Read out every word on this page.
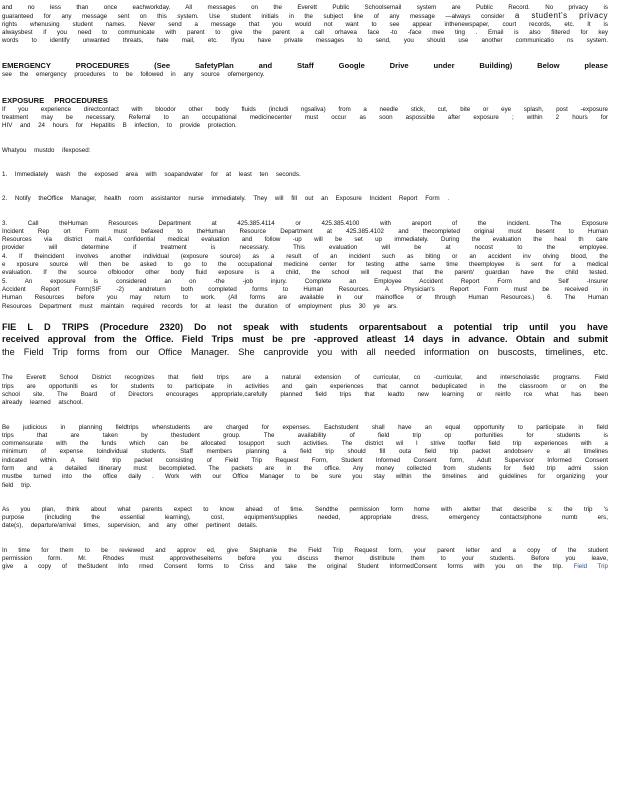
and no less than once eachworkday. All messages on the Everett Public Schoolsemail system are Public Record. No privacy is
guaranteed for any message sent on this system. Use student initials in the subject line of any message —always consider a student's privacy
rights whenusing student names. Never send a message that you would not want to see appear inthenewspaper, court records, etc. It is
alwaysbest if you need to communicate with parent to give the parent a call orhavea face -to -face mee ting . Email is also filtered for key
words to identify unwanted threats, hate mail, etc. Ifyou have private messages to send, you should use another communicatio ns system.
EMERGENCY PROCEDURES (See SafetyPlan and Staff Google Drive under Building) Below please
see the emergency procedures to be followed in any source ofemergency.
EXPOSURE PROCEDURES
If you experience directcontact with bloodor other body fluids (includi ngsaliva) from a needle stick, cut, bite or eye splash, post -exposure
treatment may be necessary. Referral to an occupational medicinecenter must occur as soon aspossible after exposure ; within 2 hours for
HIV and 24 hours for Hepatitis B infection, to provide protection.
Whatyou mustdo ifexposed:
1. Immediately wash the exposed area with soapandwater for at least ten seconds.
2. Notify theOffice Manager, health room assistantor nurse immediately. They will fill out an Exposure Incident Report Form .
3. Call theHuman Resources Department at 425.385.4114 or 425.385.4100 with areport of the incident. The Exposure
Incident Rep ort Form must befaxed to theHuman Resource Department at 425.385.4102 and thecompleted original must besent to Human
Resources via district mail.A confidential medical evaluation and follow -up will be set up immediately. During the evaluation the heal th care
provider will determine if treatment is necessary. This evaluation will be at nocost to the employee.
4. If theincident involves another individual (exposure source) as a result of an incident such as biting or an accident inv olving blood, the
e xposure source will then be asked to go to the occupational medicine center for testing atthe same time theemployee is sent for a medical
evaluation. If the source ofbloodor other body fluid exposure is a child, the school will request that the parent/ guardian have the child tested.
5. An exposure is considered an on -the -job injury. Complete an Employee Accident Report Form and Self -Insurer
Accident Report Form(SIF -2) andreturn both completed forms to Human Resources. A Physician's Report Form must be received in
Human Resources before you may return to work. (All forms are available in our mainoffice or through Human Resources.) 6. The Human
Resources Department must maintain required records for at least the duration of employment plus 30 ye ars.
FIE L D TRIPS (Procedure 2320) Do not speak with students orparentsabout a potential trip until you have
received approval from the Office. Field Trips must be pre -approved atleast 14 days in advance. Obtain and submit
the Field Trip forms from our Office Manager. She canprovide you with all needed information on buscosts, timelines, etc.
The Everett School District recognizes that field trips are a natural extension of curricular, co -curricular, and interscholastic programs. Field
trips are opportuniti es for students to participate in activities and gain experiences that cannot beduplicated in the classroom or on the
school site. The Board of Directors encourages appropriate,carefully planned field trips that leadto new learning or reinfo rce what has been
already learned atschool.
Be judicious in planning fieldtrips whenstudents are charged for expenses. Eachstudent shall have an equal opportunity to participate in field
trips that are taken by thestudent group. The availability of field trip op portunities for students is
commensurate with the funds which can be allocated tosupport such activities. The district wil l strive tooffer field trip experiences with a
minimum of expense toindividual students. Staff members planning a field trip should fill outa field trip packet andobserv e all timelines
indicated within. A field trip packet consisting of Field Trip Request Form, Student Informed Consent form, Adult Supervisor Informed Consent
form and a detailed itinerary must becompleted. The packets are in the office. Any money collected from students for field trip admi ssion
mustbe turned into the office daily . Work with our Office Manager to be sure you stay within the timelines and guidelines for organizing your
field trip.
As you plan, think about what parents expect to know ahead of time. Sendthe permission form home with aletter that describe s: the trip 's
purpose (including the essential learning), cost, equipment/supplies needed, appropriate dress, emergency contacts/phone numb ers,
date(s), departure/arrival times, supervision, and any other pertinent details.
In time for them to be reviewed and approv ed, give Stephanie the Field Trip Request form, your parent letter and a copy of the student
permission form. Mr. Rhodes must approvetheseitems before you discuss themor distribute them to your students. Before you leave,
give a copy of theStudent Info rmed Consent forms to Criss and take the original Student InformedConsent forms with you on the trip. Field Trip
